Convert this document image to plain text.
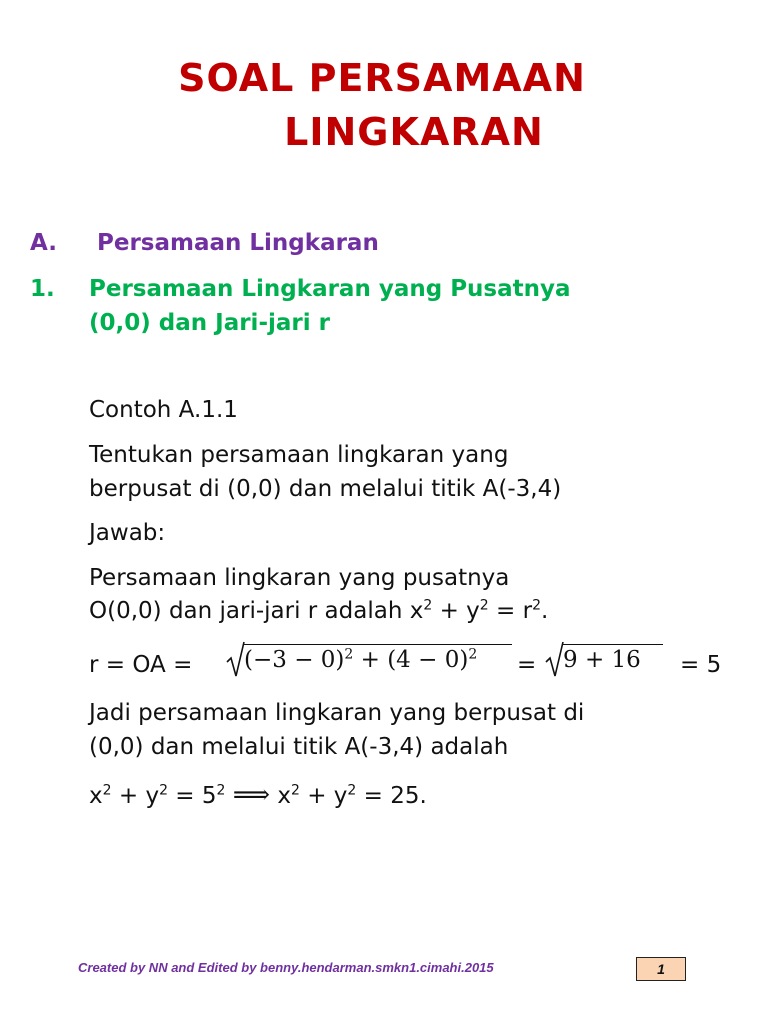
SOAL PERSAMAAN
LINGKARAN
A. Persamaan Lingkaran
1. Persamaan Lingkaran yang Pusatnya
(0,0) dan Jari-jari r
Contoh A.1.1
Tentukan persamaan lingkaran yang
berpusat di (0,0) dan melalui titik A(-3,4)
Jawab:
Persamaan lingkaran yang pusatnya
O(0,0) dan jari-jari r adalah $x^2 + y^2 = r^2$.
r = OA = $(-3 - 0)^2 + (4 - 0)^2$	= 9 + 16	= 5
Jadi persamaan lingkaran yang berpusat di
(0,0) dan melalui titik A(-3,4) adalah
$x^2 + y^2 = 5^2$ ⟹ $x^2 + y^2 = 25$.
Created by NN and Edited by benny.hendarman.smkn1.cimahi.2015	1
